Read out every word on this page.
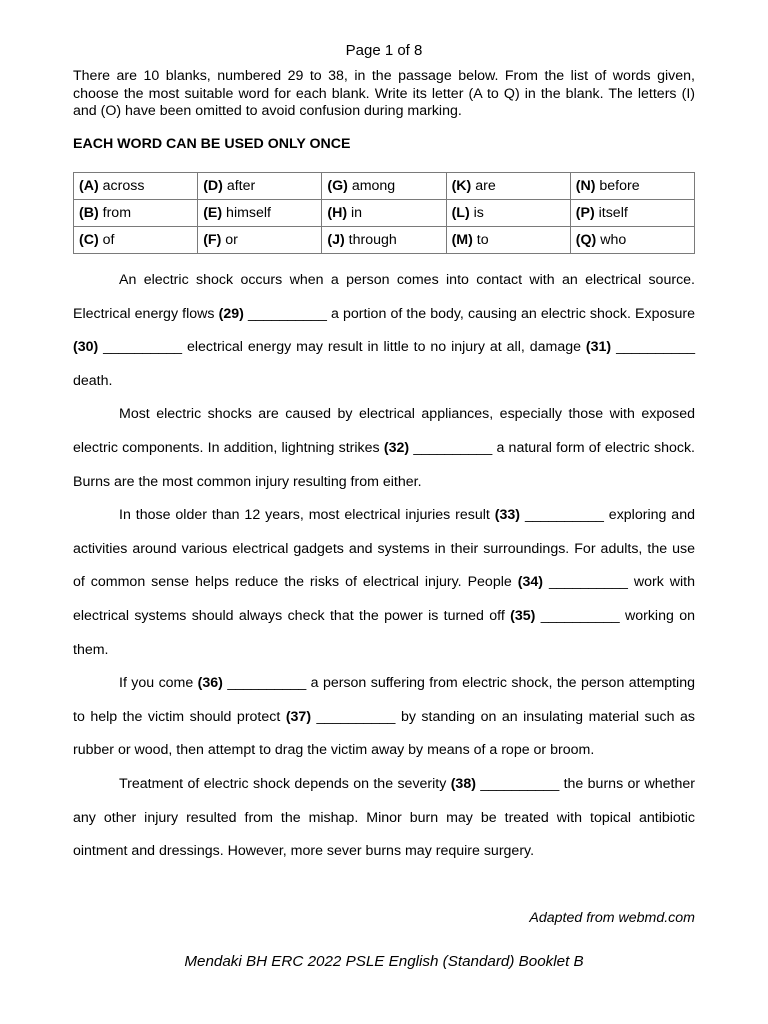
Page 1 of 8
There are 10 blanks, numbered 29 to 38, in the passage below. From the list of words given, choose the most suitable word for each blank. Write its letter (A to Q) in the blank. The letters (I) and (O) have been omitted to avoid confusion during marking.
EACH WORD CAN BE USED ONLY ONCE
(A) across	(D) after	(G) among	(K) are	(N) before
(B) from	(E) himself	(H) in	(L) is	(P) itself
(C) of	(F) or	(J) through	(M) to	(Q) who

An electric shock occurs when a person comes into contact with an electrical source. Electrical energy flows (29) __________ a portion of the body, causing an electric shock. Exposure (30) __________ electrical energy may result in little to no injury at all, damage (31) __________ death.

Most electric shocks are caused by electrical appliances, especially those with exposed electric components. In addition, lightning strikes (32) __________ a natural form of electric shock. Burns are the most common injury resulting from either.

In those older than 12 years, most electrical injuries result (33) __________ exploring and activities around various electrical gadgets and systems in their surroundings. For adults, the use of common sense helps reduce the risks of electrical injury. People (34) __________ work with electrical systems should always check that the power is turned off (35) __________ working on them.

If you come (36) __________ a person suffering from electric shock, the person attempting to help the victim should protect (37) __________ by standing on an insulating material such as rubber or wood, then attempt to drag the victim away by means of a rope or broom.

Treatment of electric shock depends on the severity (38) __________ the burns or whether any other injury resulted from the mishap. Minor burn may be treated with topical antibiotic ointment and dressings. However, more sever burns may require surgery.

Adapted from webmd.com
Mendaki BH ERC 2022 PSLE English (Standard) Booklet B
